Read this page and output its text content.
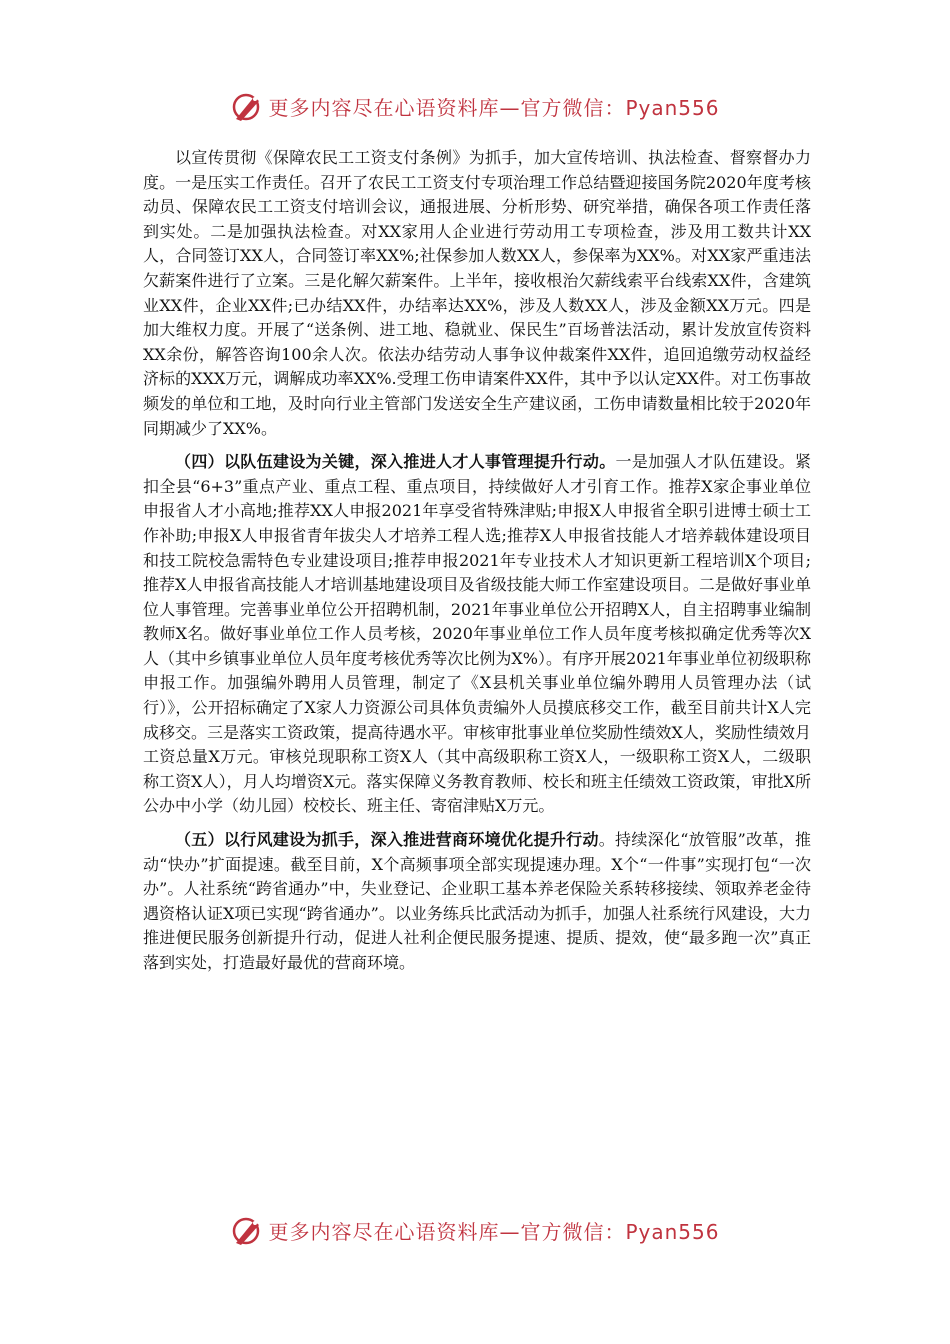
更多内容尽在心语资料库—官方微信：Pyan556

以宣传贯彻《保障农民工工资支付条例》为抓手，加大宣传培训、执法检查、督察督办力度。一是压实工作责任。召开了农民工工资支付专项治理工作总结暨迎接国务院2020年度考核动员、保障农民工工资支付培训会议，通报进展、分析形势、研究举措，确保各项工作责任落到实处。二是加强执法检查。对XX家用人企业进行劳动用工专项检查，涉及用工数共计XX人，合同签订XX人，合同签订率XX%;社保参加人数XX人，参保率为XX%。对XX家严重违法欠薪案件进行了立案。三是化解欠薪案件。上半年，接收根治欠薪线索平台线索XX件，含建筑业XX件，企业XX件;已办结XX件，办结率达XX%，涉及人数XX人，涉及金额XX万元。四是加大维权力度。开展了“送条例、进工地、稳就业、保民生”百场普法活动，累计发放宣传资料XX余份，解答咨询100余人次。依法办结劳动人事争议仲裁案件XX件，追回追缴劳动权益经济标的XXX万元，调解成功率XX%.受理工伤申请案件XX件，其中予以认定XX件。对工伤事故频发的单位和工地，及时向行业主管部门发送安全生产建议函，工伤申请数量相比较于2020年同期减少了XX%。

（四）以队伍建设为关键，深入推进人才人事管理提升行动。一是加强人才队伍建设。紧扣全县“6+3”重点产业、重点工程、重点项目，持续做好人才引育工作。推荐X家企事业单位申报省人才小高地;推荐XX人申报2021年享受省特殊津贴;申报X人申报省全职引进博士硕士工作补助;申报X人申报省青年拔尖人才培养工程人选;推荐X人申报省技能人才培养载体建设项目和技工院校急需特色专业建设项目;推荐申报2021年专业技术人才知识更新工程培训X个项目;推荐X人申报省高技能人才培训基地建设项目及省级技能大师工作室建设项目。二是做好事业单位人事管理。完善事业单位公开招聘机制，2021年事业单位公开招聘X人，自主招聘事业编制教师X名。做好事业单位工作人员考核，2020年事业单位工作人员年度考核拟确定优秀等次X人（其中乡镇事业单位人员年度考核优秀等次比例为X%）。有序开展2021年事业单位初级职称申报工作。加强编外聘用人员管理，制定了《X县机关事业单位编外聘用人员管理办法（试行）》，公开招标确定了X家人力资源公司具体负责编外人员摸底移交工作，截至目前共计X人完成移交。三是落实工资政策，提高待遇水平。审核审批事业单位奖励性绩效X人，奖励性绩效月工资总量X万元。审核兑现职称工资X人（其中高级职称工资X人，一级职称工资X人，二级职称工资X人），月人均增资X元。落实保障义务教育教师、校长和班主任绩效工资政策，审批X所公办中小学（幼儿园）校校长、班主任、寄宿津贴X万元。

（五）以行风建设为抓手，深入推进营商环境优化提升行动。持续深化“放管服”改革，推动“快办”扩面提速。截至目前，X个高频事项全部实现提速办理。X个“一件事”实现打包“一次办”。人社系统“跨省通办”中，失业登记、企业职工基本养老保险关系转移接续、领取养老金待遇资格认证X项已实现“跨省通办”。以业务练兵比武活动为抓手，加强人社系统行风建设，大力推进便民服务创新提升行动，促进人社利企便民服务提速、提质、提效，使“最多跑一次”真正落到实处，打造最好最优的营商环境。

更多内容尽在心语资料库—官方微信：Pyan556
